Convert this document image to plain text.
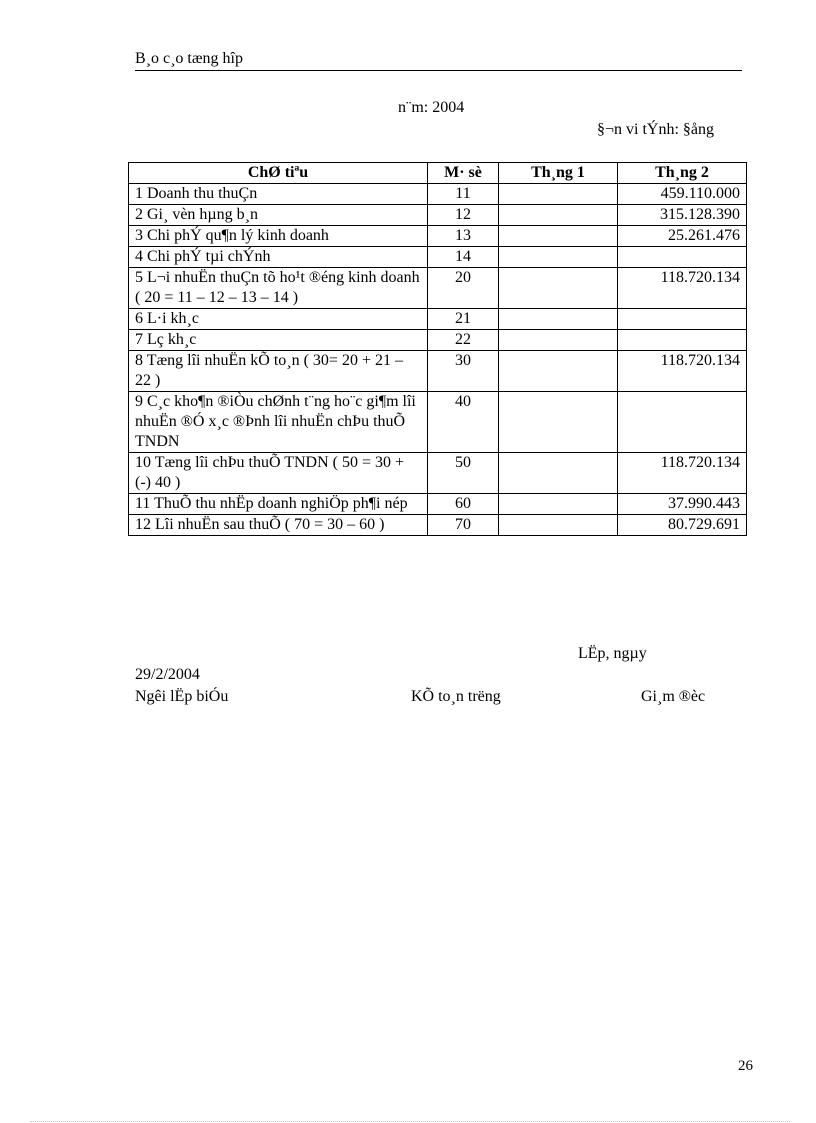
B¸o c¸o tæng hîp
n¨m: 2004
§¬n vi tÝnh: §ång
ChØ tiªu	M· sè	Th¸ng 1	Th¸ng 2
1 Doanh thu thuÇn	11		459.110.000
2 Gi¸ vèn hµng b¸n	12		315.128.390
3 Chi phÝ qu¶n lý kinh doanh	13		25.261.476
4 Chi phÝ tµi chÝnh	14		
5 L¬i nhuËn thuÇn tõ ho¹t ®éng kinh doanh ( 20 = 11 – 12 – 13 – 14 )	20		118.720.134
6 L·i kh¸c	21		
7 Lç kh¸c	22		
8 Tæng lîi nhuËn kÕ to¸n ( 30= 20 + 21 – 22 )	30		118.720.134
9 C¸c kho¶n ®iÒu chØnh t¨ng ho¨c gi¶m lîi nhuËn ®Ó x¸c ®Þnh lîi nhuËn chÞu thuÕ TNDN	40		
10 Tæng lîi chÞu thuÕ TNDN ( 50 = 30 + (-) 40 )	50		118.720.134
11 ThuÕ thu nhËp doanh nghiÖp ph¶i nép	60		37.990.443
12 Lîi nhuËn sau thuÕ ( 70 = 30 – 60 )	70		80.729.691
LËp, ngµy
29/2/2004
Ngêi lËp biÓu	KÕ to¸n trëng	Gi¸m ®èc
26
